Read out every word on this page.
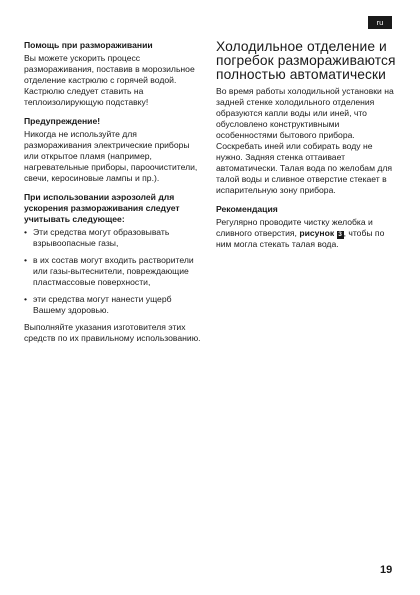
ru
Помощь при размораживании

Вы можете ускорить процесс размораживания, поставив в морозильное отделение кастрюлю с горячей водой. Кастрюлю следует ставить на теплоизолирующую подставку!

Предупреждение!

Никогда не используйте для размораживания электрические приборы или открытое пламя (например, нагревательные приборы, пароочистители, свечи, керосиновые лампы и пр.).

При использовании аэрозолей для ускорения размораживания следует учитывать следующее:
• Эти средства могут образовывать взрывоопасные газы,
• в их состав могут входить растворители или газы-вытеснители, повреждающие пластмассовые поверхности,
• эти средства могут нанести ущерб Вашему здоровью.

Выполняйте указания изготовителя этих средств по их правильному использованию.

Холодильное отделение и погребок размораживаются полностью автоматически

Во время работы холодильной установки на задней стенке холодильного отделения образуются капли воды или иней, что обусловлено конструктивными особенностями бытового прибора. Соскребать иней или собирать воду не нужно. Задняя стенка оттаивает автоматически. Талая вода по желобам для талой воды и сливное отверстие стекает в испарительную зону прибора.

Рекомендация

Регулярно проводите чистку желобка и сливного отверстия, рисунок 3 , чтобы по ним могла стекать талая вода.

19
